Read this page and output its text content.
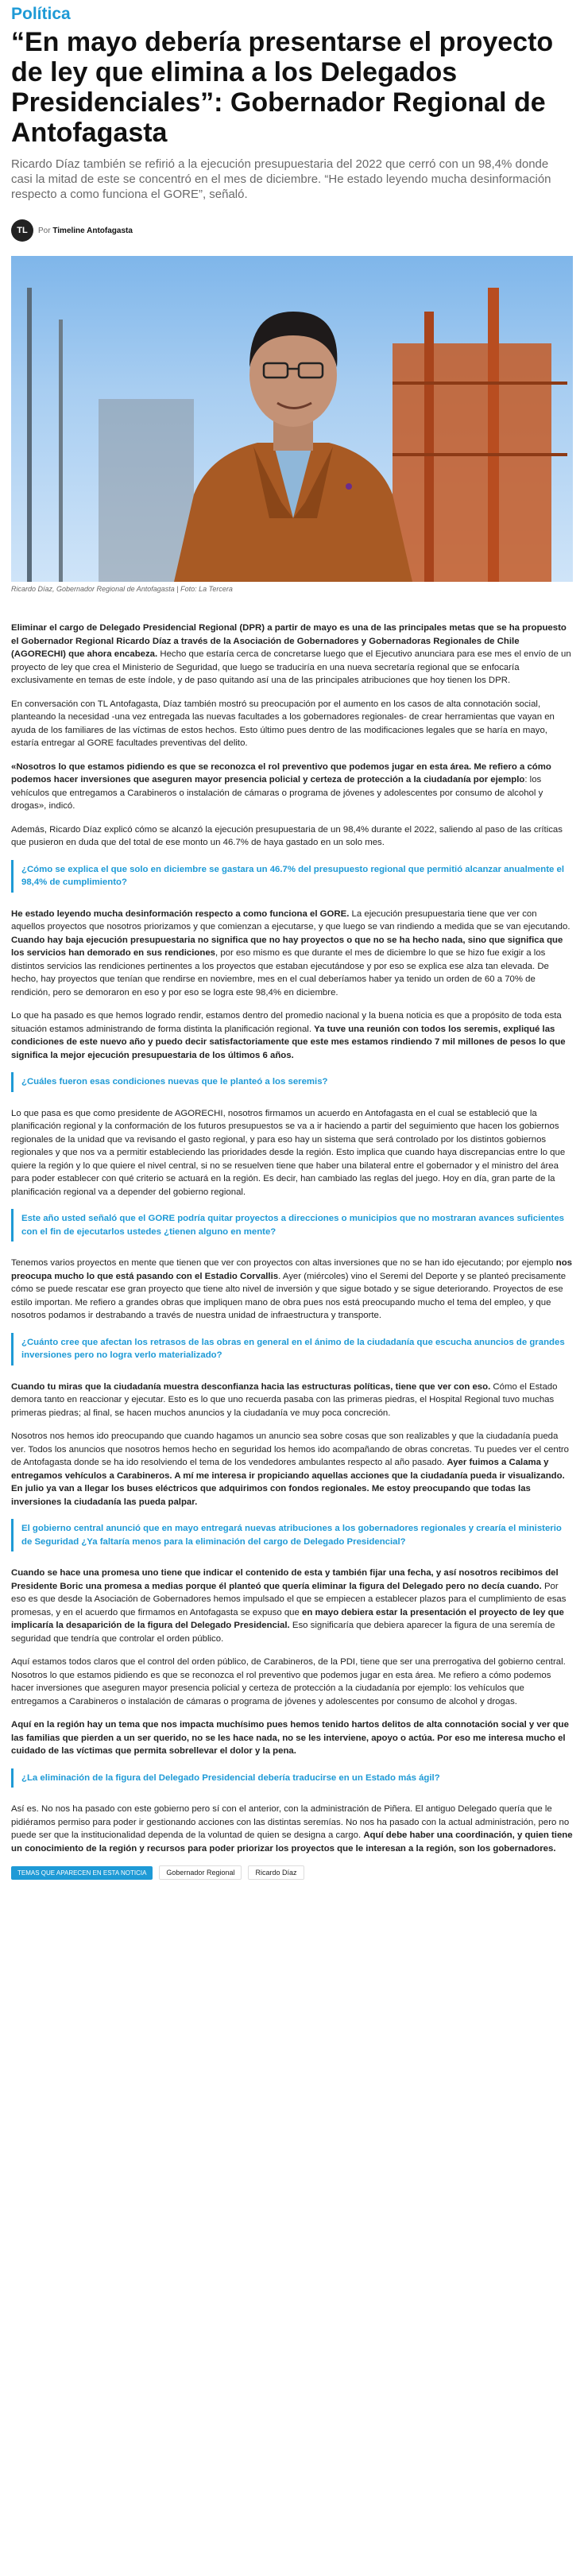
Política
“En mayo debería presentarse el proyecto de ley que elimina a los Delegados Presidenciales”: Gobernador Regional de Antofagasta

Ricardo Díaz también se refirió a la ejecución presupuestaria del 2022 que cerró con un 98,4% donde casi la mitad de este se concentró en el mes de diciembre. “He estado leyendo mucha desinformación respecto a como funciona el GORE”, señaló.

TL	Por Timeline Antofagasta
Ricardo Díaz, Gobernador Regional de Antofagasta | Foto: La Tercera

Eliminar el cargo de Delegado Presidencial Regional (DPR) a partir de mayo es una de las principales metas que se ha propuesto el Gobernador Regional Ricardo Díaz a través de la Asociación de Gobernadores y Gobernadoras Regionales de Chile (AGORECHI) que ahora encabeza. Hecho que estaría cerca de concretarse luego que el Ejecutivo anunciara para ese mes el envío de un proyecto de ley que crea el Ministerio de Seguridad, que luego se traduciría en una nueva secretaría regional que se enfocaría exclusivamente en temas de este índole, y de paso quitando así una de las principales atribuciones que hoy tienen los DPR.

En conversación con TL Antofagasta, Díaz también mostró su preocupación por el aumento en los casos de alta connotación social, planteando la necesidad -una vez entregada las nuevas facultades a los gobernadores regionales- de crear herramientas que vayan en ayuda de los familiares de las víctimas de estos hechos. Esto último pues dentro de las modificaciones legales que se haría en mayo, estaría entregar al GORE facultades preventivas del delito.

«Nosotros lo que estamos pidiendo es que se reconozca el rol preventivo que podemos jugar en esta área. Me refiero a cómo podemos hacer inversiones que aseguren mayor presencia policial y certeza de protección a la ciudadanía por ejemplo: los vehículos que entregamos a Carabineros o instalación de cámaras o programa de jóvenes y adolescentes por consumo de alcohol y drogas», indicó.

Además, Ricardo Díaz explicó cómo se alcanzó la ejecución presupuestaria de un 98,4% durante el 2022, saliendo al paso de las críticas que pusieron en duda que del total de ese monto un 46.7% de haya gastado en un solo mes.

¿Cómo se explica el que solo en diciembre se gastara un 46.7% del presupuesto regional que permitió alcanzar anualmente el 98,4% de cumplimiento?

He estado leyendo mucha desinformación respecto a como funciona el GORE. La ejecución presupuestaria tiene que ver con aquellos proyectos que nosotros priorizamos y que comienzan a ejecutarse, y que luego se van rindiendo a medida que se van ejecutando. Cuando hay baja ejecución presupuestaria no significa que no hay proyectos o que no se ha hecho nada, sino que significa que los servicios han demorado en sus rendiciones, por eso mismo es que durante el mes de diciembre lo que se hizo fue exigir a los distintos servicios las rendiciones pertinentes a los proyectos que estaban ejecutándose y por eso se explica ese alza tan elevada. De hecho, hay proyectos que tenían que rendirse en noviembre, mes en el cual deberíamos haber ya tenido un orden de 60 a 70% de rendición, pero se demoraron en eso y por eso se logra este 98,4% en diciembre.

Lo que ha pasado es que hemos logrado rendir, estamos dentro del promedio nacional y la buena noticia es que a propósito de toda esta situación estamos administrando de forma distinta la planificación regional. Ya tuve una reunión con todos los seremis, expliqué las condiciones de este nuevo año y puedo decir satisfactoriamente que este mes estamos rindiendo 7 mil millones de pesos lo que significa la mejor ejecución presupuestaria de los últimos 6 años.

¿Cuáles fueron esas condiciones nuevas que le planteó a los seremis?

Lo que pasa es que como presidente de AGORECHI, nosotros firmamos un acuerdo en Antofagasta en el cual se estableció que la planificación regional y la conformación de los futuros presupuestos se va a ir haciendo a partir del seguimiento que hacen los gobiernos regionales de la unidad que va revisando el gasto regional, y para eso hay un sistema que será controlado por los distintos gobiernos regionales y que nos va a permitir estableciendo las prioridades desde la región. Esto implica que cuando haya discrepancias entre lo que quiere la región y lo que quiere el nivel central, si no se resuelven tiene que haber una bilateral entre el gobernador y el ministro del área para poder establecer con qué criterio se actuará en la región. Es decir, han cambiado las reglas del juego. Hoy en día, gran parte de la planificación regional va a depender del gobierno regional.

Este año usted señaló que el GORE podría quitar proyectos a direcciones o municipios que no mostraran avances suficientes con el fin de ejecutarlos ustedes ¿tienen alguno en mente?

Tenemos varios proyectos en mente que tienen que ver con proyectos con altas inversiones que no se han ido ejecutando; por ejemplo nos preocupa mucho lo que está pasando con el Estadio Corvallis. Ayer (miércoles) vino el Seremi del Deporte y se planteó precisamente cómo se puede rescatar ese gran proyecto que tiene alto nivel de inversión y que sigue botado y se sigue deteriorando. Proyectos de ese estilo importan. Me refiero a grandes obras que impliquen mano de obra pues nos está preocupando mucho el tema del empleo, y que nosotros podamos ir destrabando a través de nuestra unidad de infraestructura y transporte.

¿Cuánto cree que afectan los retrasos de las obras en general en el ánimo de la ciudadanía que escucha anuncios de grandes inversiones pero no logra verlo materializado?

Cuando tu miras que la ciudadanía muestra desconfianza hacia las estructuras políticas, tiene que ver con eso. Cómo el Estado demora tanto en reaccionar y ejecutar. Esto es lo que uno recuerda pasaba con las primeras piedras, el Hospital Regional tuvo muchas primeras piedras; al final, se hacen muchos anuncios y la ciudadanía ve muy poca concreción.

Nosotros nos hemos ido preocupando que cuando hagamos un anuncio sea sobre cosas que son realizables y que la ciudadanía pueda ver. Todos los anuncios que nosotros hemos hecho en seguridad los hemos ido acompañando de obras concretas. Tu puedes ver el centro de Antofagasta donde se ha ido resolviendo el tema de los vendedores ambulantes respecto al año pasado. Ayer fuimos a Calama y entregamos vehículos a Carabineros. A mí me interesa ir propiciando aquellas acciones que la ciudadanía pueda ir visualizando. En julio ya van a llegar los buses eléctricos que adquirimos con fondos regionales. Me estoy preocupando que todas las inversiones la ciudadanía las pueda palpar.

El gobierno central anunció que en mayo entregará nuevas atribuciones a los gobernadores regionales y crearía el ministerio de Seguridad ¿Ya faltaría menos para la eliminación del cargo de Delegado Presidencial?

Cuando se hace una promesa uno tiene que indicar el contenido de esta y también fijar una fecha, y así nosotros recibimos del Presidente Boric una promesa a medias porque él planteó que quería eliminar la figura del Delegado pero no decía cuando. Por eso es que desde la Asociación de Gobernadores hemos impulsado el que se empiecen a establecer plazos para el cumplimiento de esas promesas, y en el acuerdo que firmamos en Antofagasta se expuso que en mayo debiera estar la presentación el proyecto de ley que implicaría la desaparición de la figura del Delegado Presidencial. Eso significaría que debiera aparecer la figura de una seremía de seguridad que tendría que controlar el orden público.

Aquí estamos todos claros que el control del orden público, de Carabineros, de la PDI, tiene que ser una prerrogativa del gobierno central. Nosotros lo que estamos pidiendo es que se reconozca el rol preventivo que podemos jugar en esta área. Me refiero a cómo podemos hacer inversiones que aseguren mayor presencia policial y certeza de protección a la ciudadanía por ejemplo: los vehículos que entregamos a Carabineros o instalación de cámaras o programa de jóvenes y adolescentes por consumo de alcohol y drogas.

Aquí en la región hay un tema que nos impacta muchísimo pues hemos tenido hartos delitos de alta connotación social y ver que las familias que pierden a un ser querido, no se les hace nada, no se les interviene, apoyo o actúa. Por eso me interesa mucho el cuidado de las víctimas que permita sobrellevar el dolor y la pena.

¿La eliminación de la figura del Delegado Presidencial debería traducirse en un Estado más ágil?

Así es. No nos ha pasado con este gobierno pero sí con el anterior, con la administración de Piñera. El antiguo Delegado quería que le pidiéramos permiso para poder ir gestionando acciones con las distintas seremías. No nos ha pasado con la actual administración, pero no puede ser que la institucionalidad dependa de la voluntad de quien se designa a cargo. Aquí debe haber una coordinación, y quien tiene un conocimiento de la región y recursos para poder priorizar los proyectos que le interesan a la región, son los gobernadores.

TEMAS QUE APARECEN EN ESTA NOTICIA	Gobernador Regional	Ricardo Díaz
